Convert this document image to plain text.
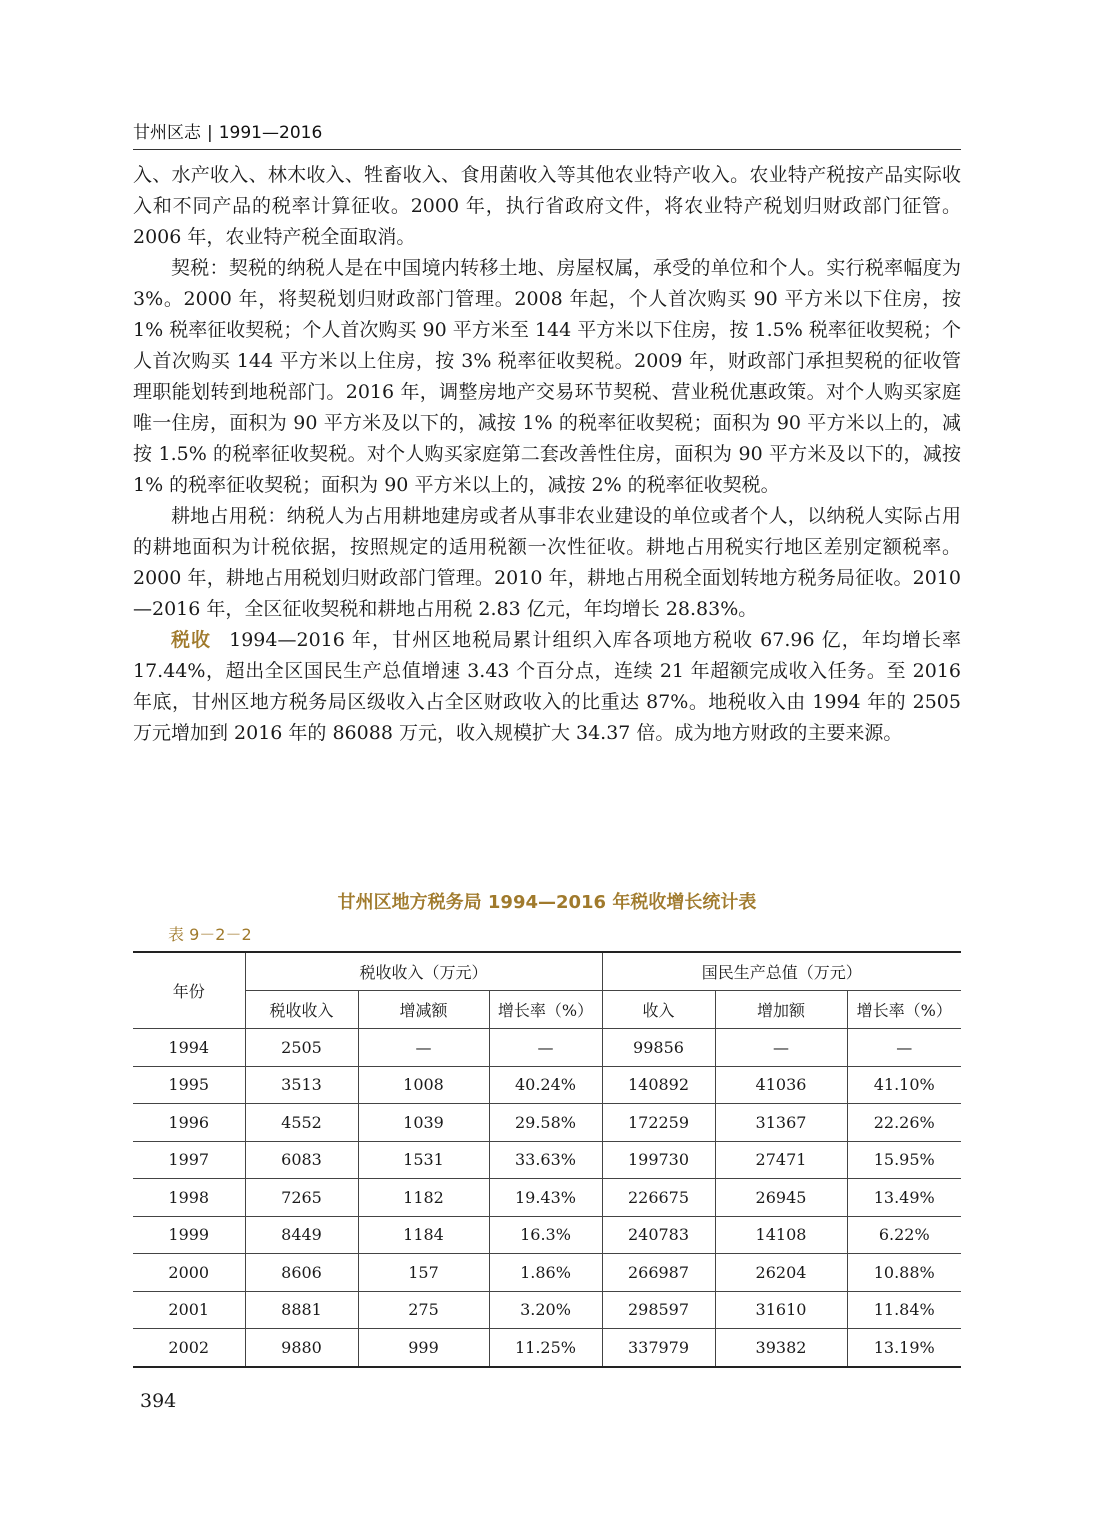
甘州区志 | 1991—2016

入、水产收入、林木收入、牲畜收入、食用菌收入等其他农业特产收入。农业特产税按产品实际收入和不同产品的税率计算征收。2000 年，执行省政府文件，将农业特产税划归财政部门征管。2006 年，农业特产税全面取消。

契税：契税的纳税人是在中国境内转移土地、房屋权属，承受的单位和个人。实行税率幅度为 3%。2000 年，将契税划归财政部门管理。2008 年起，个人首次购买 90 平方米以下住房，按 1% 税率征收契税；个人首次购买 90 平方米至 144 平方米以下住房，按 1.5% 税率征收契税；个人首次购买 144 平方米以上住房，按 3% 税率征收契税。2009 年，财政部门承担契税的征收管理职能划转到地税部门。2016 年，调整房地产交易环节契税、营业税优惠政策。对个人购买家庭唯一住房，面积为 90 平方米及以下的，减按 1% 的税率征收契税；面积为 90 平方米以上的，减按 1.5% 的税率征收契税。对个人购买家庭第二套改善性住房，面积为 90 平方米及以下的，减按 1% 的税率征收契税；面积为 90 平方米以上的，减按 2% 的税率征收契税。

耕地占用税：纳税人为占用耕地建房或者从事非农业建设的单位或者个人，以纳税人实际占用的耕地面积为计税依据，按照规定的适用税额一次性征收。耕地占用税实行地区差别定额税率。2000 年，耕地占用税划归财政部门管理。2010 年，耕地占用税全面划转地方税务局征收。2010—2016 年，全区征收契税和耕地占用税 2.83 亿元，年均增长 28.83%。

税收 1994—2016 年，甘州区地税局累计组织入库各项地方税收 67.96 亿，年均增长率 17.44%，超出全区国民生产总值增速 3.43 个百分点，连续 21 年超额完成收入任务。至 2016 年底，甘州区地方税务局区级收入占全区财政收入的比重达 87%。地税收入由 1994 年的 2505 万元增加到 2016 年的 86088 万元，收入规模扩大 34.37 倍。成为地方财政的主要来源。

甘州区地方税务局 1994—2016 年税收增长统计表
表 9－2－2
年份	税收收入（万元）			国民生产总值（万元）		
	税收收入	增减额	增长率（%）	收入	增加额	增长率（%）
1994	2505	—	—	99856	—	—
1995	3513	1008	40.24%	140892	41036	41.10%
1996	4552	1039	29.58%	172259	31367	22.26%
1997	6083	1531	33.63%	199730	27471	15.95%
1998	7265	1182	19.43%	226675	26945	13.49%
1999	8449	1184	16.3%	240783	14108	6.22%
2000	8606	157	1.86%	266987	26204	10.88%
2001	8881	275	3.20%	298597	31610	11.84%
2002	9880	999	11.25%	337979	39382	13.19%
394
